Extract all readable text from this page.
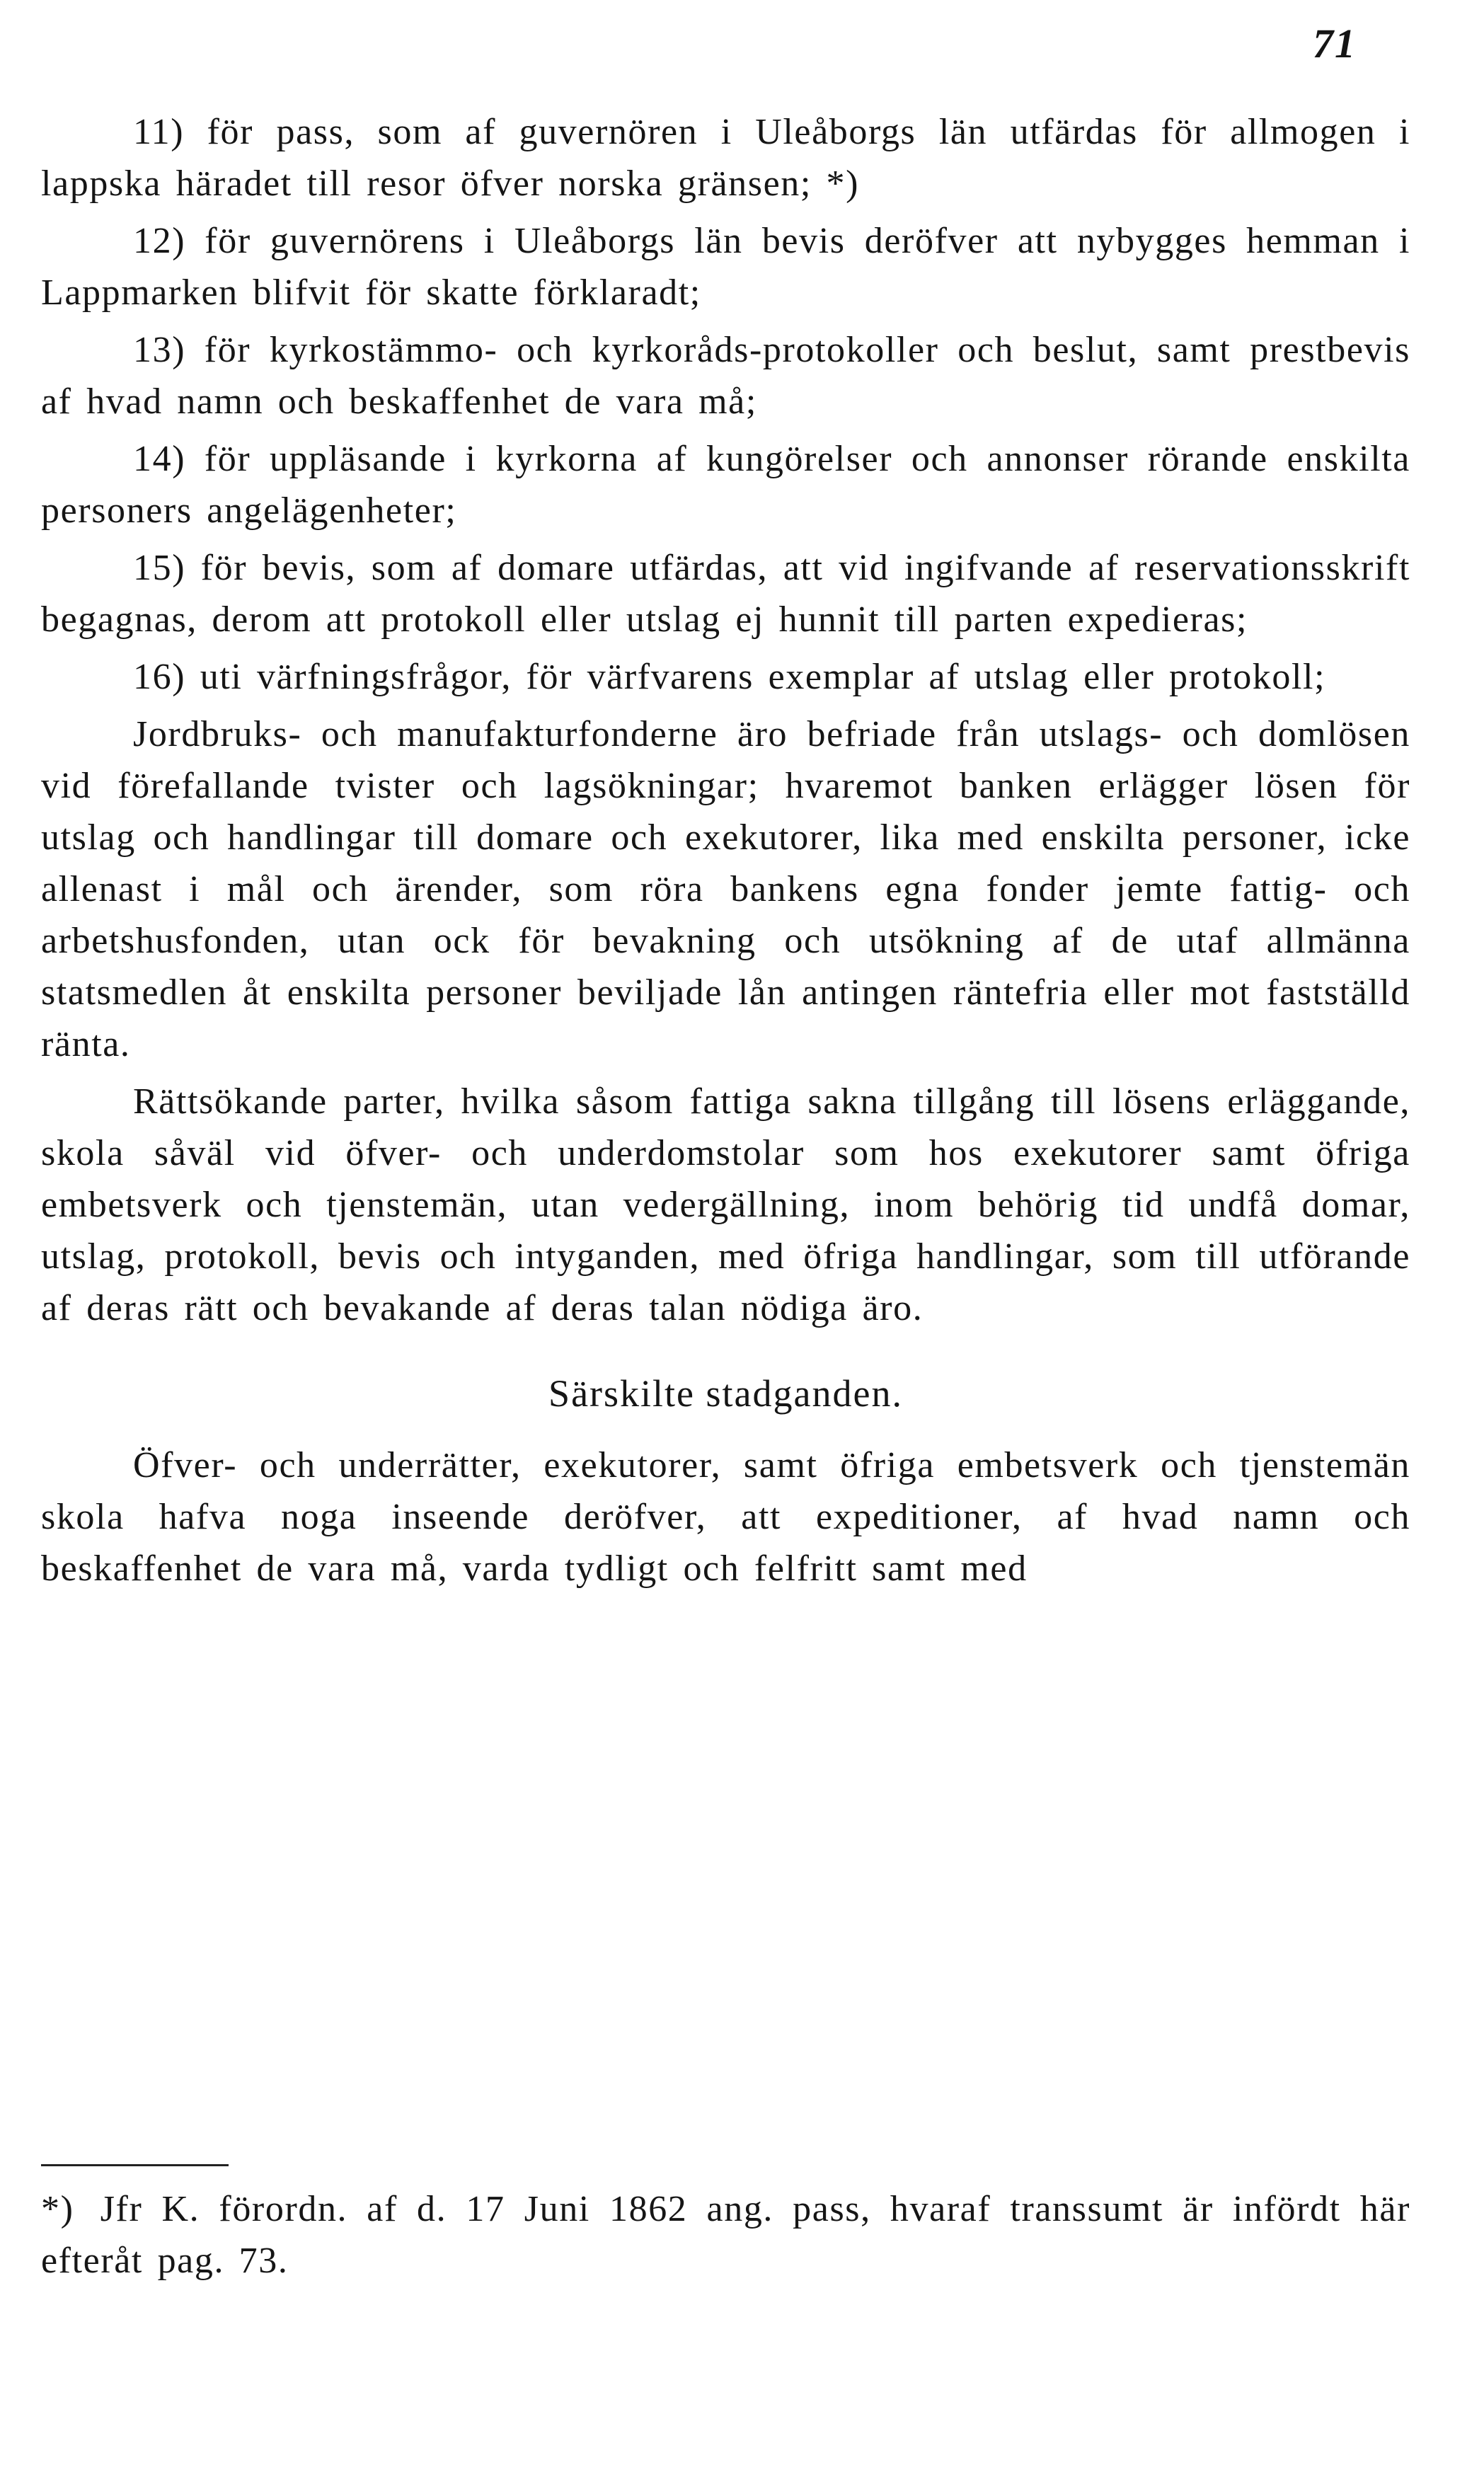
71

11) för pass, som af guvernören i Uleåborgs län utfärdas för allmogen i lappska häradet till resor öfver norska gränsen; *)

12) för guvernörens i Uleåborgs län bevis deröfver att nybygges hemman i Lappmarken blifvit för skatte förklaradt;

13) för kyrkostämmo- och kyrkoråds-protokoller och beslut, samt prestbevis af hvad namn och beskaffenhet de vara må;

14) för uppläsande i kyrkorna af kungörelser och annonser rörande enskilta personers angelägenheter;

15) för bevis, som af domare utfärdas, att vid ingifvande af reservationsskrift begagnas, derom att protokoll eller utslag ej hunnit till parten expedieras;

16) uti värfningsfrågor, för värfvarens exemplar af utslag eller protokoll;

Jordbruks- och manufakturfonderne äro befriade från utslags- och domlösen vid förefallande tvister och lagsökningar; hvaremot banken erlägger lösen för utslag och handlingar till domare och exekutorer, lika med enskilta personer, icke allenast i mål och ärender, som röra bankens egna fonder jemte fattig- och arbetshusfonden, utan ock för bevakning och utsökning af de utaf allmänna statsmedlen åt enskilta personer beviljade lån antingen räntefria eller mot fastställd ränta.

Rättsökande parter, hvilka såsom fattiga sakna tillgång till lösens erläggande, skola såväl vid öfver- och underdomstolar som hos exekutorer samt öfriga embetsverk och tjenstemän, utan vedergällning, inom behörig tid undfå domar, utslag, protokoll, bevis och intyganden, med öfriga handlingar, som till utförande af deras rätt och bevakande af deras talan nödiga äro.

Särskilte stadganden.

Öfver- och underrätter, exekutorer, samt öfriga embetsverk och tjenstemän skola hafva noga inseende deröfver, att expeditioner, af hvad namn och beskaffenhet de vara må, varda tydligt och felfritt samt med

*) Jfr K. förordn. af d. 17 Juni 1862 ang. pass, hvaraf transsumt är infördt här efteråt pag. 73.
